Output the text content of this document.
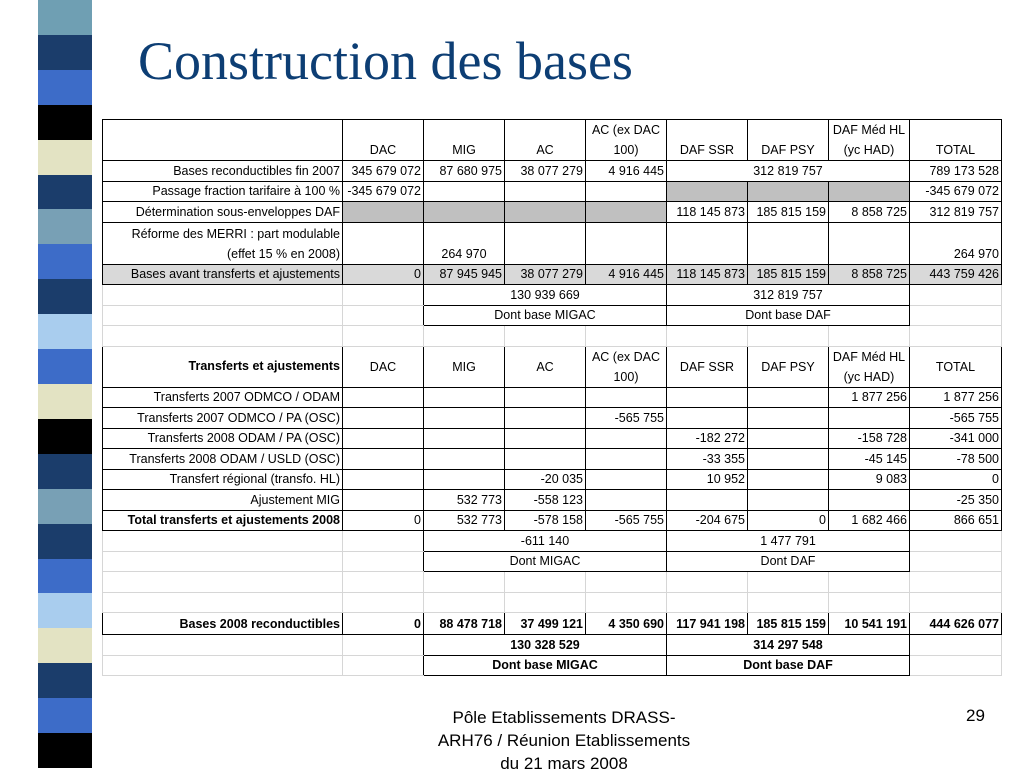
Construction des bases
	DAC	MIG	AC	AC (ex DAC 100)	DAF SSR	DAF PSY	DAF Méd HL (yc HAD)	TOTAL
Bases reconductibles fin 2007	345 679 072	87 680 975	38 077 279	4 916 445	312 819 757			789 173 528
Passage fraction tarifaire à 100 %	-345 679 072							-345 679 072
Détermination sous-enveloppes DAF					118 145 873	185 815 159	8 858 725	312 819 757
Réforme des MERRI : part modulable (effet 15 % en 2008)		264 970						264 970
Bases avant transferts et ajustements	0	87 945 945	38 077 279	4 916 445	118 145 873	185 815 159	8 858 725	443 759 426
		130 939 669			312 819 757			
		Dont base MIGAC			Dont base DAF			

Transferts et ajustements	DAC	MIG	AC	AC (ex DAC 100)	DAF SSR	DAF PSY	DAF Méd HL (yc HAD)	TOTAL
Transferts 2007 ODMCO / ODAM							1 877 256	1 877 256
Transferts 2007 ODMCO / PA (OSC)				-565 755				-565 755
Transferts 2008 ODAM / PA (OSC)					-182 272		-158 728	-341 000
Transferts 2008 ODAM / USLD (OSC)					-33 355		-45 145	-78 500
Transfert régional (transfo. HL)			-20 035		10 952		9 083	0
Ajustement MIG		532 773	-558 123					-25 350
Total transferts et ajustements 2008	0	532 773	-578 158	-565 755	-204 675	0	1 682 466	866 651
		-611 140			1 477 791			
		Dont MIGAC			Dont DAF			

Bases 2008 reconductibles	0	88 478 718	37 499 121	4 350 690	117 941 198	185 815 159	10 541 191	444 626 077
		130 328 529			314 297 548			
		Dont base MIGAC			Dont base DAF			
Pôle Etablissements DRASS-
ARH76 / Réunion Etablissements
du 21 mars 2008
29
